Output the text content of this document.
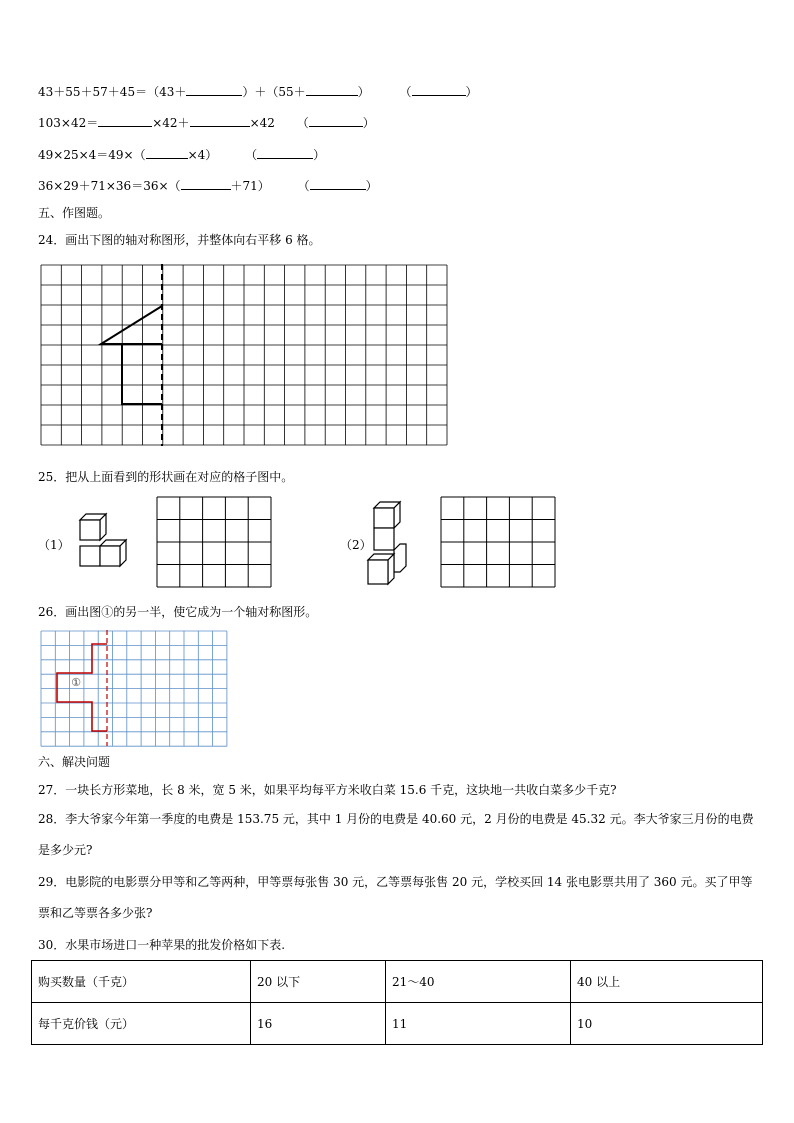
43＋55＋57＋45＝（43＋	）＋（55＋	） （	）
103×42＝	×42＋	×42 （	）
49×25×4＝49×（	×4） （	）
36×29＋71×36＝36×（	＋71） （	）
五、作图题。
24．画出下图的轴对称图形，并整体向右平移 6 格。
25．把从上面看到的形状画在对应的格子图中。
（1）	（2）
26．画出图①的另一半，使它成为一个轴对称图形。
①
六、解决问题
27．一块长方形菜地，长 8 米，宽 5 米，如果平均每平方米收白菜 15.6 千克，这块地一共收白菜多少千克?
28．李大爷家今年第一季度的电费是 153.75 元，其中 1 月份的电费是 40.60 元，2 月份的电费是 45.32 元。李大爷家三月份的电费是多少元?
29．电影院的电影票分甲等和乙等两种，甲等票每张售 30 元，乙等票每张售 20 元，学校买回 14 张电影票共用了 360 元。买了甲等票和乙等票各多少张?
30．水果市场进口一种苹果的批发价格如下表.
购买数量（千克）	20 以下	21～40	40 以上
每千克价钱（元）	16	11	10
